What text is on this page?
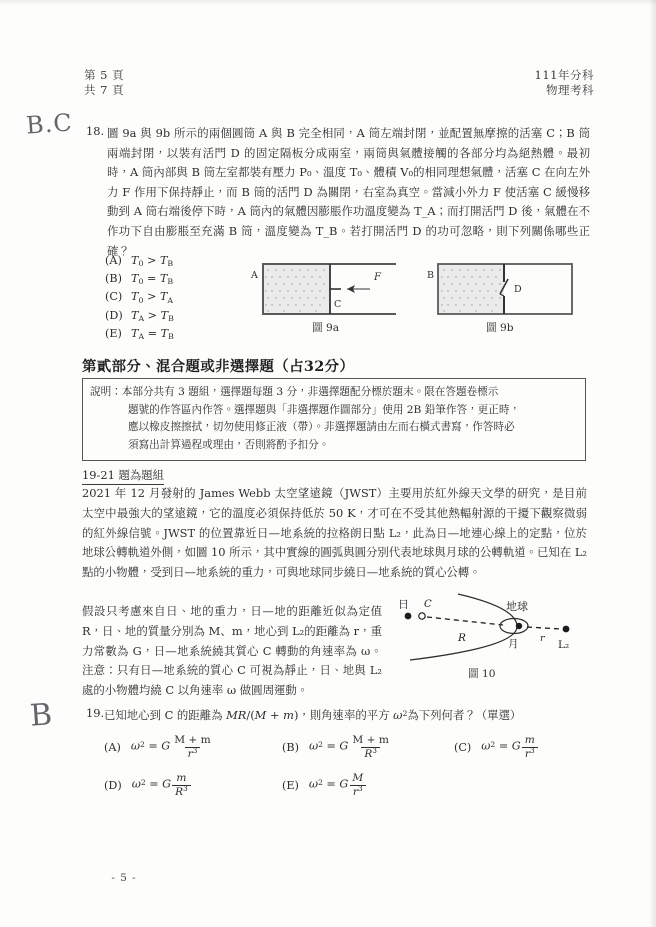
第 5 頁
共 7 頁
111年分科
物理考科
B.C
B
18. 圖 9a 與 9b 所示的兩個圓筒 A 與 B 完全相同，A 筒左端封閉，並配置無摩擦的活塞 C；B 筒兩端封閉，以裝有活門 D 的固定隔板分成兩室，兩筒與氣體接觸的各部分均為絕熱體。最初時，A 筒內部與 B 筒左室都裝有壓力 P₀、溫度 T₀、體積 V₀的相同理想氣體，活塞 C 在向左外力 F 作用下保持靜止，而 B 筒的活門 D 為關閉，右室為真空。當減小外力 F 使活塞 C 緩慢移動到 A 筒右端後停下時，A 筒內的氣體因膨脹作功溫度變為 T_A；而打開活門 D 後，氣體在不作功下自由膨脹至充滿 B 筒，溫度變為 T_B。若打開活門 D 的功可忽略，則下列關係哪些正確？
(A) $T_0 > T_B$
(B) $T_0 = T_B$
(C) $T_0 > T_A$
(D) $T_A > T_B$
(E) $T_A = T_B$
A
C
F	B
D
圖 9a	圖 9b
第貳部分、混合題或非選擇題（占32分）
說明：本部分共有 3 題組，選擇題每題 3 分，非選擇題配分標於題末。限在答題卷標示
題號的作答區內作答。選擇題與「非選擇題作圖部分」使用 2B 鉛筆作答，更正時，
應以橡皮擦擦拭，切勿使用修正液（帶）。非選擇題請由左而右橫式書寫，作答時必
須寫出計算過程或理由，否則將酌予扣分。
19-21 題為題組
2021 年 12 月發射的 James Webb 太空望遠鏡（JWST）主要用於紅外線天文學的研究，是目前太空中最強大的望遠鏡，它的溫度必須保持低於 50 K，才可在不受其他熱輻射源的干擾下觀察微弱的紅外線信號。JWST 的位置靠近日—地系統的拉格朗日點 L₂，此為日—地連心線上的定點，位於地球公轉軌道外側，如圖 10 所示，其中實線的圓弧與圓分別代表地球與月球的公轉軌道。已知在 L₂點的小物體，受到日—地系統的重力，可與地球同步繞日—地系統的質心公轉。
假設只考慮來自日、地的重力，日—地的距離近似為定值 R，日、地的質量分別為 M、m，地心到 L₂的距離為 r，重力常數為 G，日—地系統繞其質心 C 轉動的角速率為 ω。注意：只有日—地系統的質心 C 可視為靜止，日、地與 L₂處的小物體均繞 C 以角速率 ω 做圓周運動。
日 C
R
地球
月 r
L₂
圖 10
19. 已知地心到 C 的距離為 MR/(M + m)，則角速率的平方 $\omega^2$為下列何者？（單選）
(A) $\omega^2 = G \frac{M + m}{r^3}$	(B) $\omega^2 = G \frac{M + m}{R^3}$	(C) $\omega^2 = G \frac{m}{r^3}$
(D) $\omega^2 = G \frac{m}{R^3}$	(E) $\omega^2 = G \frac{M}{r^3}$
- 5 -
